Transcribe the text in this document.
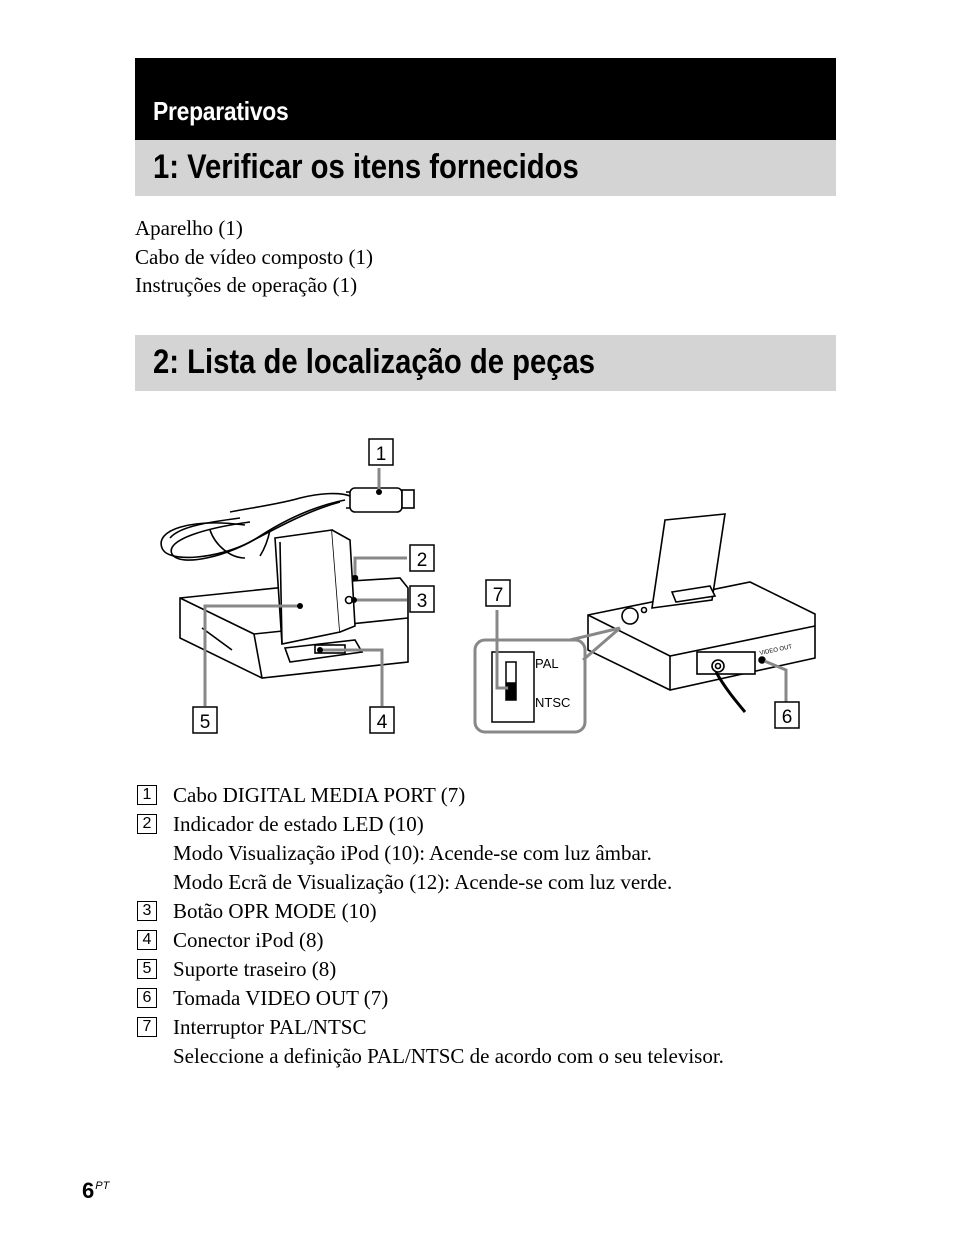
Preparativos
1: Verificar os itens fornecidos
Aparelho (1)
Cabo de vídeo composto (1)
Instruções de operação (1)
2: Lista de localização de peças
PAL
NTSC
VIDEO OUT
1
2
3
4
5	6
7
1 Cabo DIGITAL MEDIA PORT (7)
2 Indicador de estado LED (10)
Modo Visualização iPod (10): Acende-se com luz âmbar.
Modo Ecrã de Visualização (12): Acende-se com luz verde.
3 Botão OPR MODE (10)
4 Conector iPod (8)
5 Suporte traseiro (8)
6 Tomada VIDEO OUT (7)
7 Interruptor PAL/NTSC
Seleccione a definição PAL/NTSC de acordo com o seu televisor.
$6^{PT}$
